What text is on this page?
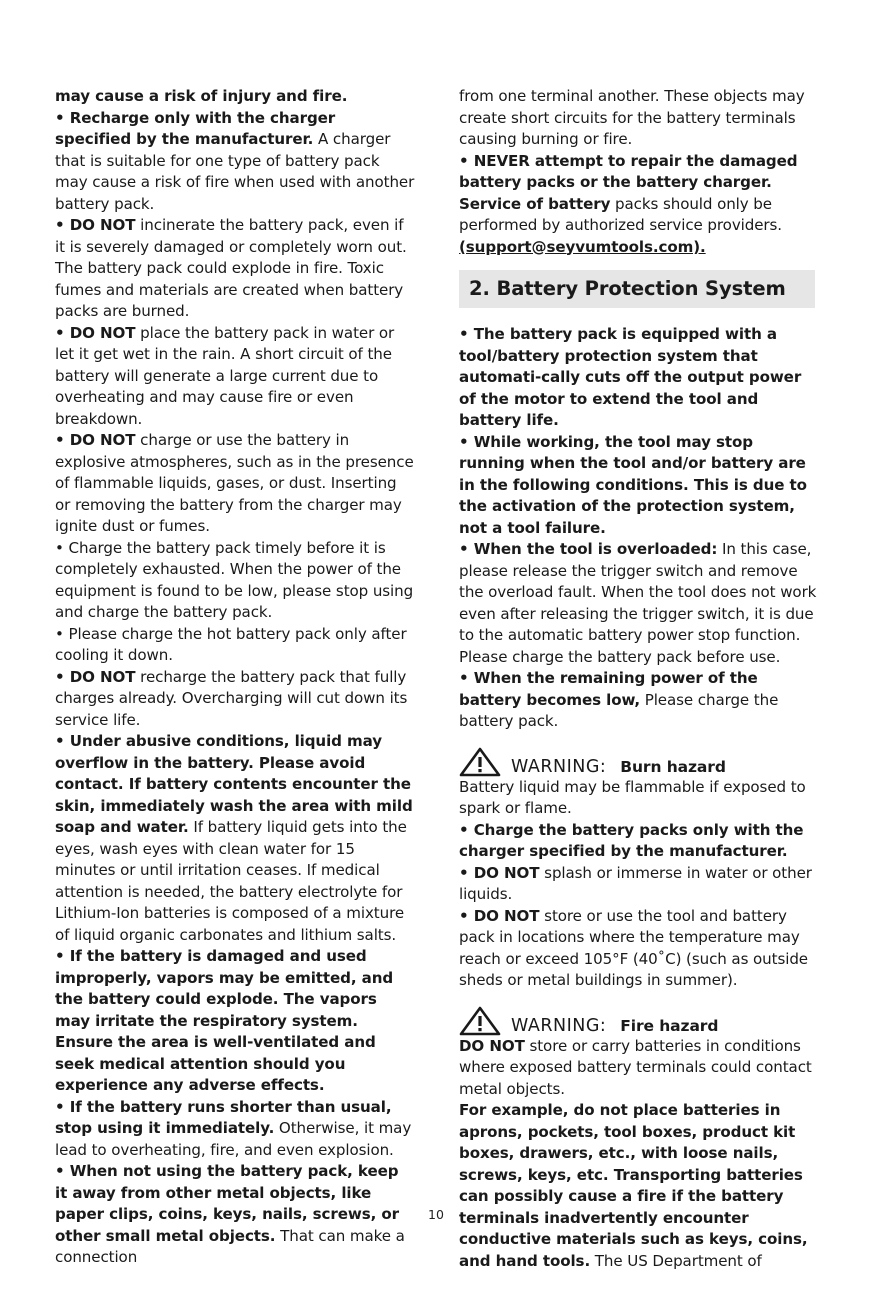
may cause a risk of injury and fire.

• Recharge only with the charger specified by the manufacturer. A charger that is suitable for one type of battery pack may cause a risk of fire when used with another battery pack.

• DO NOT incinerate the battery pack, even if it is severely damaged or completely worn out. The battery pack could explode in fire. Toxic fumes and materials are created when battery packs are burned.

• DO NOT place the battery pack in water or let it get wet in the rain. A short circuit of the battery will generate a large current due to overheating and may cause fire or even breakdown.

• DO NOT charge or use the battery in explosive atmospheres, such as in the presence of flammable liquids, gases, or dust. Inserting or removing the battery from the charger may ignite dust or fumes.

• Charge the battery pack timely before it is completely exhausted. When the power of the equipment is found to be low, please stop using and charge the battery pack.

• Please charge the hot battery pack only after cooling it down.

• DO NOT recharge the battery pack that fully charges already. Overcharging will cut down its service life.

• Under abusive conditions, liquid may overflow in the battery. Please avoid contact. If battery contents encounter the skin, immediately wash the area with mild soap and water. If battery liquid gets into the eyes, wash eyes with clean water for 15 minutes or until irritation ceases. If medical attention is needed, the battery electrolyte for Lithium-Ion batteries is composed of a mixture of liquid organic carbonates and lithium salts.

• If the battery is damaged and used improperly, vapors may be emitted, and the battery could explode. The vapors may irritate the respiratory system. Ensure the area is well-ventilated and seek medical attention should you experience any adverse effects.

• If the battery runs shorter than usual, stop using it immediately. Otherwise, it may lead to overheating, fire, and even explosion.

• When not using the battery pack, keep it away from other metal objects, like paper clips, coins, keys, nails, screws, or other small metal objects. That can make a connection

from one terminal another. These objects may create short circuits for the battery terminals causing burning or fire.

• NEVER attempt to repair the damaged battery packs or the battery charger. Service of battery packs should only be performed by authorized service providers.

(support@seyvumtools.com).

2. Battery Protection System

• The battery pack is equipped with a tool/battery protection system that automati-cally cuts off the output power of the motor to extend the tool and battery life.

• While working, the tool may stop running when the tool and/or battery are in the following conditions. This is due to the activation of the protection system, not a tool failure.

• When the tool is overloaded: In this case, please release the trigger switch and remove the overload fault. When the tool does not work even after releasing the trigger switch, it is due to the automatic battery power stop function. Please charge the battery pack before use.

• When the remaining power of the battery becomes low, Please charge the battery pack.

WARNING: Burn hazard

Battery liquid may be flammable if exposed to spark or flame.

• Charge the battery packs only with the charger specified by the manufacturer.

• DO NOT splash or immerse in water or other liquids.

• DO NOT store or use the tool and battery pack in locations where the temperature may reach or exceed 105°F (40˚C) (such as outside sheds or metal buildings in summer).

WARNING: Fire hazard

DO NOT store or carry batteries in conditions where exposed battery terminals could contact metal objects.

For example, do not place batteries in aprons, pockets, tool boxes, product kit boxes, drawers, etc., with loose nails, screws, keys, etc. Transporting batteries can possibly cause a fire if the battery terminals inadvertently encounter conductive materials such as keys, coins, and hand tools. The US Department of

10
